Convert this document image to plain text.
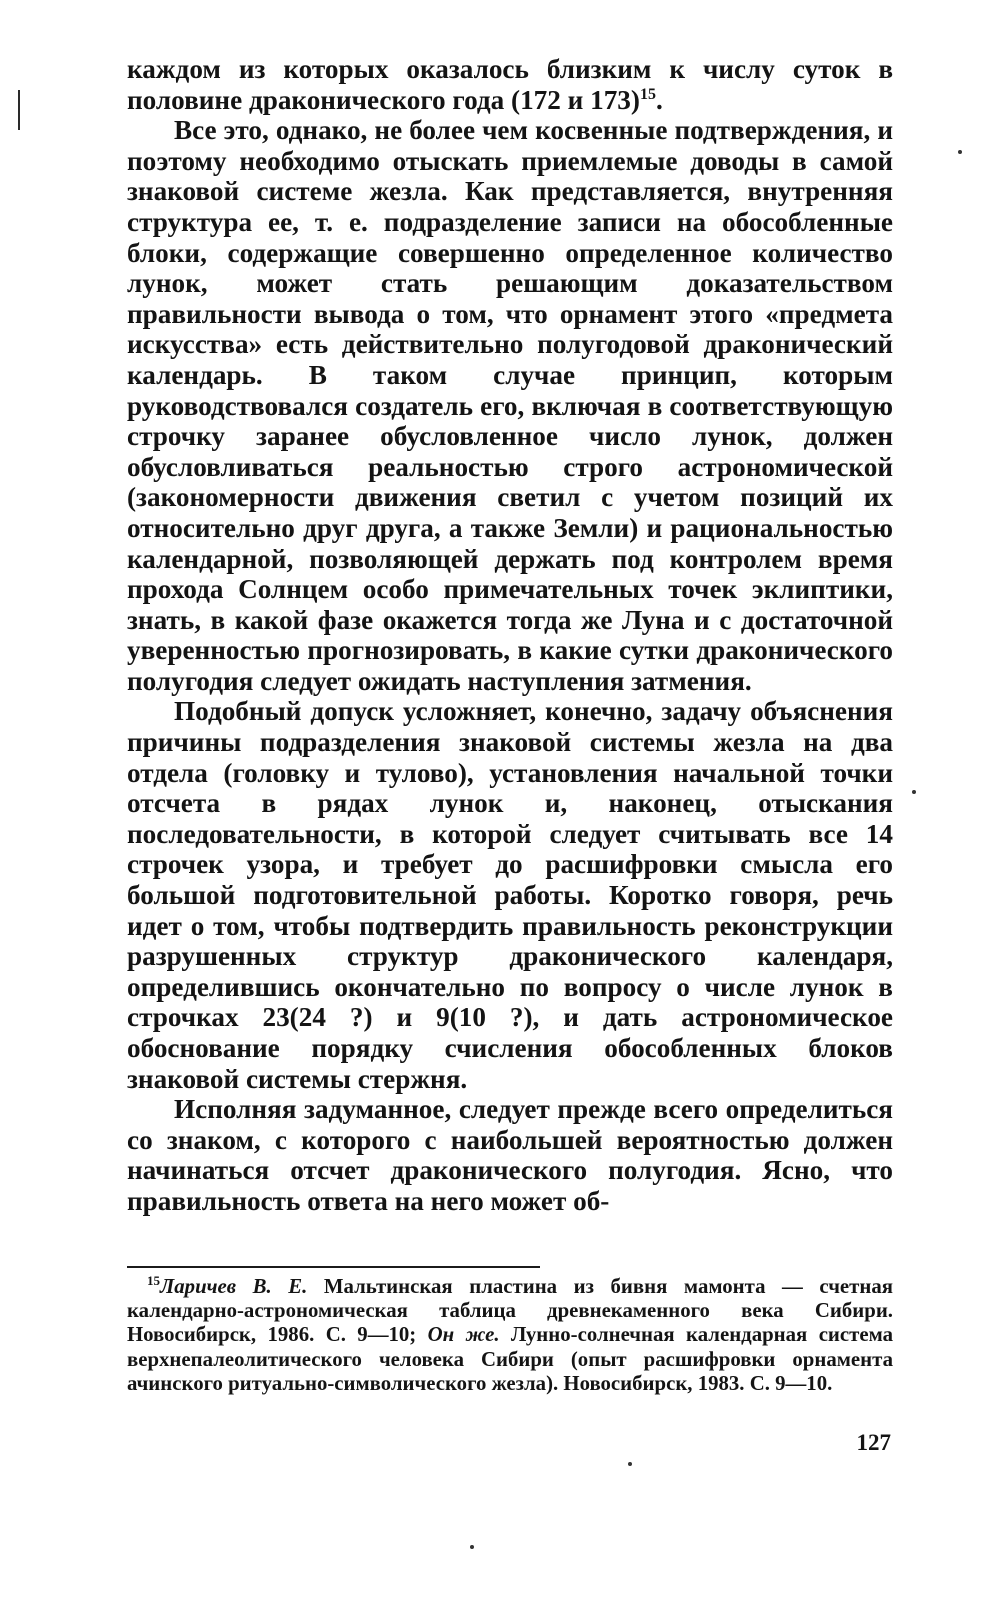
каждом из которых оказалось близким к числу суток в половине драконического года (172 и 173)$^{15}$.

Все это, однако, не более чем косвенные подтверждения, и поэтому необходимо отыскать приемлемые доводы в самой знаковой системе жезла. Как представляется, внутренняя структура ее, т. е. подразделение записи на обособленные блоки, содержащие совершенно определенное количество лунок, может стать решающим доказательством правильности вывода о том, что орнамент этого «предмета искусства» есть действительно полугодовой драконический календарь. В таком случае принцип, которым руководствовался создатель его, включая в соответствующую строчку заранее обусловленное число лунок, должен обусловливаться реальностью строго астрономической (закономерности движения светил с учетом позиций их относительно друг друга, а также Земли) и рациональностью календарной, позволяющей держать под контролем время прохода Солнцем особо примечательных точек эклиптики, знать, в какой фазе окажется тогда же Луна и с достаточной уверенностью прогнозировать, в какие сутки драконического полугодия следует ожидать наступления затмения.

Подобный допуск усложняет, конечно, задачу объяснения причины подразделения знаковой системы жезла на два отдела (головку и тулово), установления начальной точки отсчета в рядах лунок и, наконец, отыскания последовательности, в которой следует считывать все 14 строчек узора, и требует до расшифровки смысла его большой подготовительной работы. Коротко говоря, речь идет о том, чтобы подтвердить правильность реконструкции разрушенных структур драконического календаря, определившись окончательно по вопросу о числе лунок в строчках 23(24 ?) и 9(10 ?), и дать астрономическое обоснование порядку счисления обособленных блоков знаковой системы стержня.

Исполняя задуманное, следует прежде всего определиться со знаком, с которого с наибольшей вероятностью должен начинаться отсчет драконического полугодия. Ясно, что правильность ответа на него может об-

$^{15}$Ларичев В. Е. Мальтинская пластина из бивня мамонта — счетная календарно-астрономическая таблица древнекаменного века Сибири. Новосибирск, 1986. С. 9—10; Он же. Лунно-солнечная календарная система верхнепалеолитического человека Сибири (опыт расшифровки орнамента ачинского ритуально-символического жезла). Новосибирск, 1983. С. 9—10.
127
